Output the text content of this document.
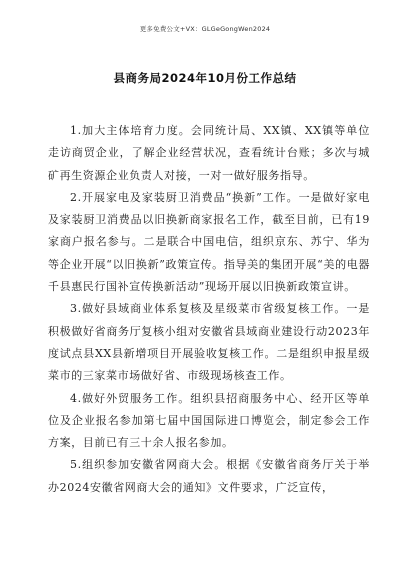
更多免费公文+VX：GLGeGongWen2024
县商务局2024年10月份工作总结

1.加大主体培育力度。会同统计局、XX镇、XX镇等单位走访商贸企业，了解企业经营状况，查看统计台账；多次与城矿再生资源企业负责人对接，一对一做好服务指导。

2.开展家电及家装厨卫消费品“换新”工作。一是做好家电及家装厨卫消费品以旧换新商家报名工作，截至目前，已有19家商户报名参与。二是联合中国电信，组织京东、苏宁、华为等企业开展“以旧换新”政策宣传。指导美的集团开展“美的电器千县惠民行国补宣传换新活动”现场开展以旧换新政策宣讲。

3.做好县域商业体系复核及星级菜市省级复核工作。一是积极做好省商务厅复核小组对安徽省县域商业建设行动2023年度试点县XX县新增项目开展验收复核工作。二是组织申报星级菜市的三家菜市场做好省、市级现场核查工作。

4.做好外贸服务工作。组织县招商服务中心、经开区等单位及企业报名参加第七届中国国际进口博览会，制定参会工作方案，目前已有三十余人报名参加。

5.组织参加安徽省网商大会。根据《安徽省商务厅关于举办2024安徽省网商大会的通知》文件要求，广泛宣传，
